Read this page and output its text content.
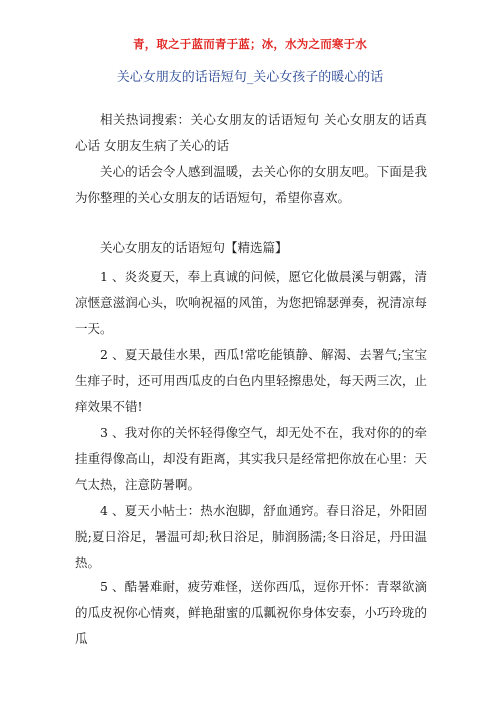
青，取之于蓝而青于蓝；冰，水为之而寒于水
关心女朋友的话语短句_关心女孩子的暖心的话

相关热词搜索：关心女朋友的话语短句 关心女朋友的话真心话 女朋友生病了关心的话

关心的话会令人感到温暖，去关心你的女朋友吧。下面是我为你整理的关心女朋友的话语短句，希望你喜欢。

关心女朋友的话语短句【精选篇】

1 、炎炎夏天，奉上真诚的问候，愿它化做晨溪与朝露，清凉惬意滋润心头，吹响祝福的风笛，为您把锦瑟弹奏，祝清凉每一天。

2 、夏天最佳水果，西瓜!常吃能镇静、解渴、去署气;宝宝生痱子时，还可用西瓜皮的白色内里轻擦患处，每天两三次，止痒效果不错!

3 、我对你的关怀轻得像空气，却无处不在，我对你的的牵挂重得像高山，却没有距离，其实我只是经常把你放在心里：天气太热，注意防暑啊。

4 、夏天小帖士：热水泡脚，舒血通窍。春日浴足，外阳固脱;夏日浴足，暑温可却;秋日浴足，肺润肠濡;冬日浴足，丹田温热。

5 、酷暑难耐，疲劳难怪，送你西瓜，逗你开怀：青翠欲滴的瓜皮祝你心情爽，鲜艳甜蜜的瓜瓤祝你身体安泰，小巧玲珑的瓜
